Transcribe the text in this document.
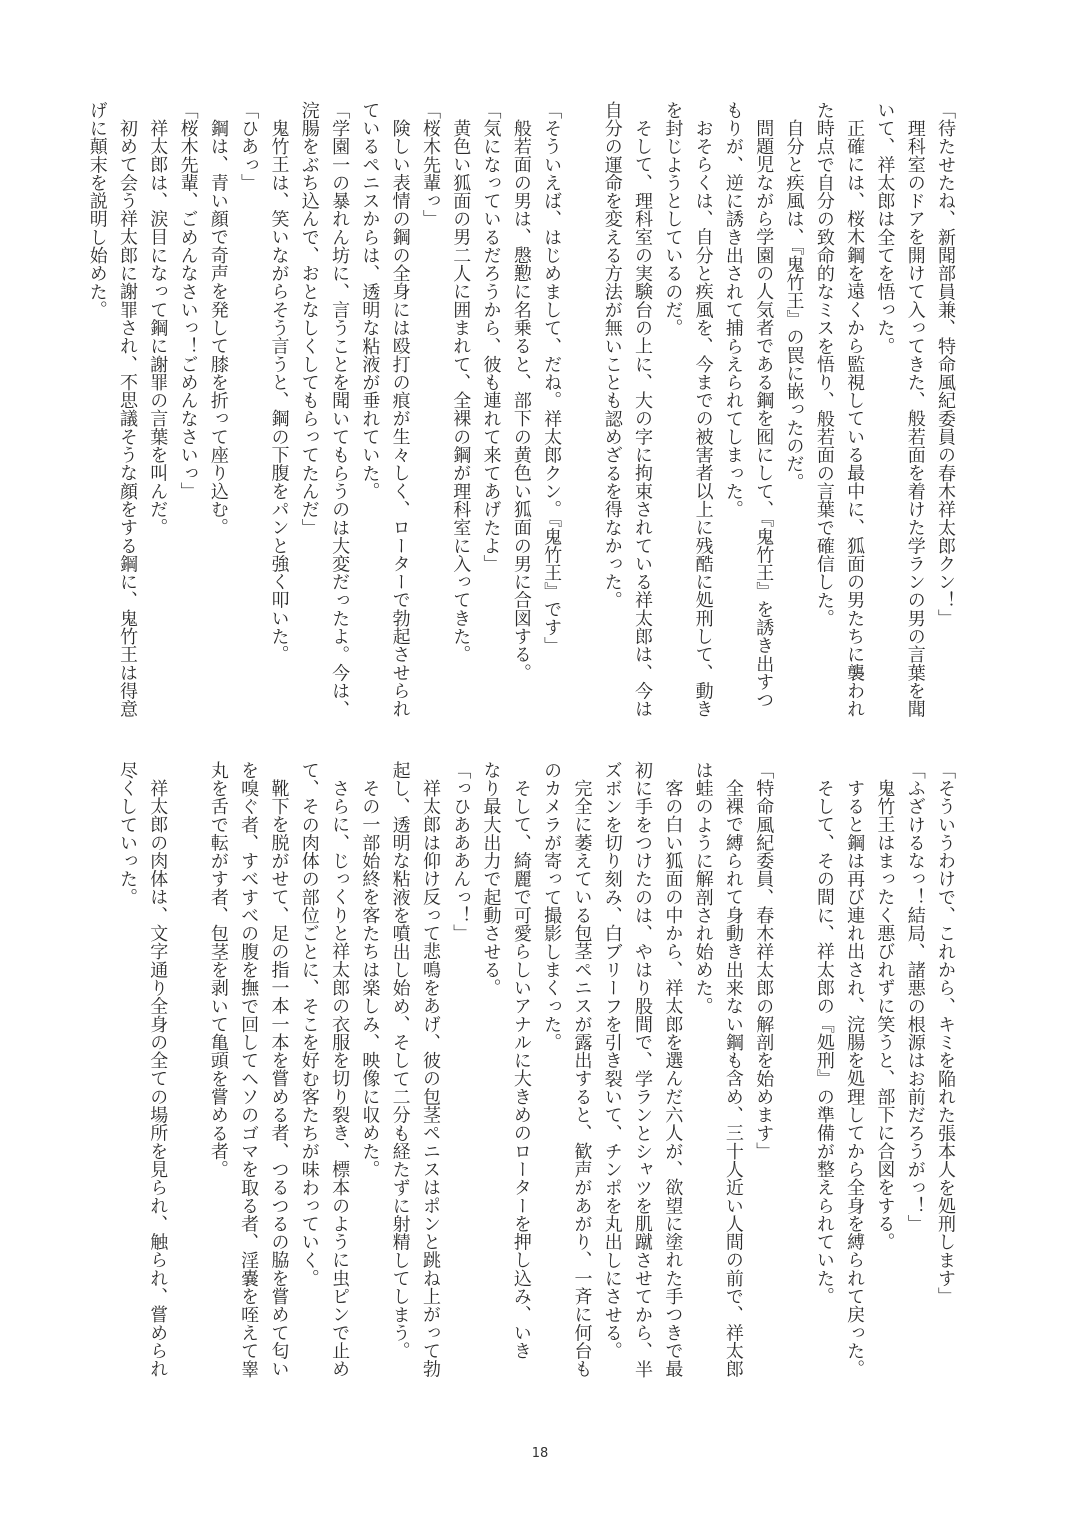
「待たせたね、新聞部員兼、特命風紀委員の春木祥太郎クン！」
理科室のドアを開けて入ってきた、般若面を着けた学ランの男の言葉を聞
いて、祥太郎は全てを悟った。
正確には、桜木鋼を遠くから監視している最中に、狐面の男たちに襲われ
た時点で自分の致命的なミスを悟り、般若面の言葉で確信した。
自分と疾風は、『鬼竹王』の罠に嵌ったのだ。
問題児ながら学園の人気者である鋼を囮にして、『鬼竹王』を誘き出すつ
もりが、逆に誘き出されて捕らえられてしまった。
おそらくは、自分と疾風を、今までの被害者以上に残酷に処刑して、動き
を封じようとしているのだ。
そして、理科室の実験台の上に、大の字に拘束されている祥太郎は、今は
自分の運命を変える方法が無いことも認めざるを得なかった。
「そういえば、はじめまして、だね。祥太郎クン。『鬼竹王』です」
般若面の男は、慇懃に名乗ると、部下の黄色い狐面の男に合図する。
「気になっているだろうから、彼も連れて来てあげたよ」
黄色い狐面の男二人に囲まれて、全裸の鋼が理科室に入ってきた。
「桜木先輩っ」
険しい表情の鋼の全身には殴打の痕が生々しく、ローターで勃起させられ
ているペニスからは、透明な粘液が垂れていた。
「学園一の暴れん坊に、言うことを聞いてもらうのは大変だったよ。今は、
浣腸をぶち込んで、おとなしくしてもらってたんだ」
鬼竹王は、笑いながらそう言うと、鋼の下腹をパンと強く叩いた。
「ひあっ」
鋼は、青い顔で奇声を発して膝を折って座り込む。
「桜木先輩、ごめんなさいっ！ごめんなさいっ」
祥太郎は、涙目になって鋼に謝罪の言葉を叫んだ。
初めて会う祥太郎に謝罪され、不思議そうな顔をする鋼に、鬼竹王は得意
げに顛末を説明し始めた。
「そういうわけで、これから、キミを陥れた張本人を処刑します」
「ふざけるなっ！結局、諸悪の根源はお前だろうがっ！」
鬼竹王はまったく悪びれずに笑うと、部下に合図をする。
すると鋼は再び連れ出され、浣腸を処理してから全身を縛られて戻った。
そして、その間に、祥太郎の『処刑』の準備が整えられていた。
「特命風紀委員、春木祥太郎の解剖を始めます」
全裸で縛られて身動き出来ない鋼も含め、三十人近い人間の前で、祥太郎
は蛙のように解剖され始めた。
客の白い狐面の中から、祥太郎を選んだ六人が、欲望に塗れた手つきで最
初に手をつけたのは、やはり股間で、学ランとシャツを肌蹴させてから、半
ズボンを切り刻み、白ブリーフを引き裂いて、チンポを丸出しにさせる。
完全に萎えている包茎ペニスが露出すると、歓声があがり、一斉に何台も
のカメラが寄って撮影しまくった。
そして、綺麗で可愛らしいアナルに大きめのローターを押し込み、いき
なり最大出力で起動させる。
「っひあああんっ！」
祥太郎は仰け反って悲鳴をあげ、彼の包茎ペニスはポンと跳ね上がって勃
起し、透明な粘液を噴出し始め、そして二分も経たずに射精してしまう。
その一部始終を客たちは楽しみ、映像に収めた。
さらに、じっくりと祥太郎の衣服を切り裂き、標本のように虫ピンで止め
て、その肉体の部位ごとに、そこを好む客たちが味わっていく。
靴下を脱がせて、足の指一本一本を嘗める者、つるつるの脇を嘗めて匂い
を嗅ぐ者、すべすべの腹を撫で回してヘソのゴマを取る者、淫嚢を咥えて睾
丸を舌で転がす者、包茎を剥いて亀頭を嘗める者。
祥太郎の肉体は、文字通り全身の全ての場所を見られ、触られ、嘗められ
尽くしていった。
18
